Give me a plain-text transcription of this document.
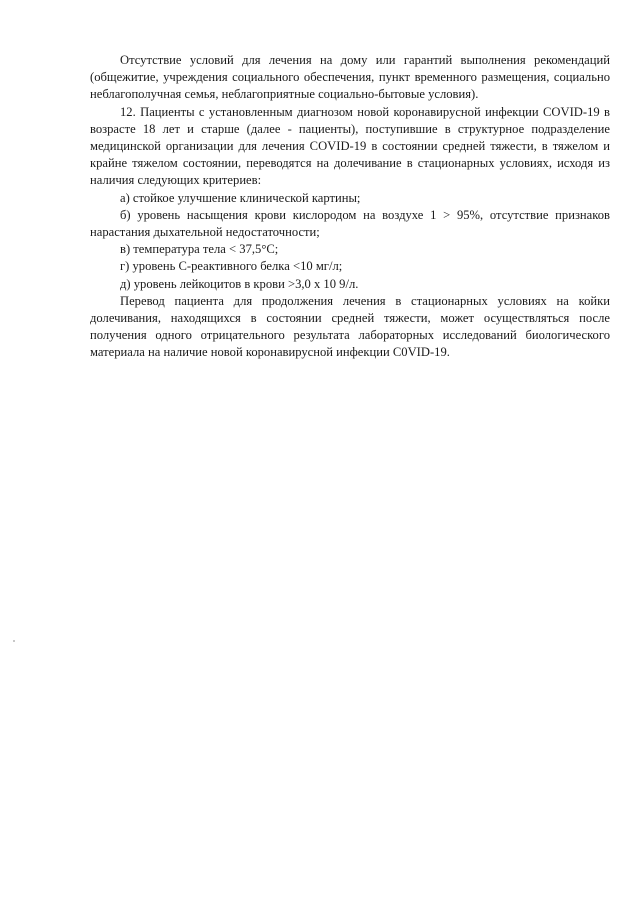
Отсутствие условий для лечения на дому или гарантий выполнения рекомендаций (общежитие, учреждения социального обеспечения, пункт временного размещения, социально неблагополучная семья, неблагоприятные социально-бытовые условия).

12. Пациенты с установленным диагнозом новой коронавирусной инфекции COVID-19 в возрасте 18 лет и старше (далее - пациенты), поступившие в структурное подразделение медицинской организации для лечения COVID-19 в состоянии средней тяжести, в тяжелом и крайне тяжелом состоянии, переводятся на долечивание в стационарных условиях, исходя из наличия следующих критериев:

а) стойкое улучшение клинической картины;

б) уровень насыщения крови кислородом на воздухе 1 > 95%, отсутствие признаков нарастания дыхательной недостаточности;

в) температура тела < 37,5°С;

г) уровень С-реактивного белка <10 мг/л;

д) уровень лейкоцитов в крови >3,0 x 10 9/л.

Перевод пациента для продолжения лечения в стационарных условиях на койки долечивания, находящихся в состоянии средней тяжести, может осуществляться после получения одного отрицательного результата лабораторных исследований биологического материала на наличие новой коронавирусной инфекции C0VID-19.
